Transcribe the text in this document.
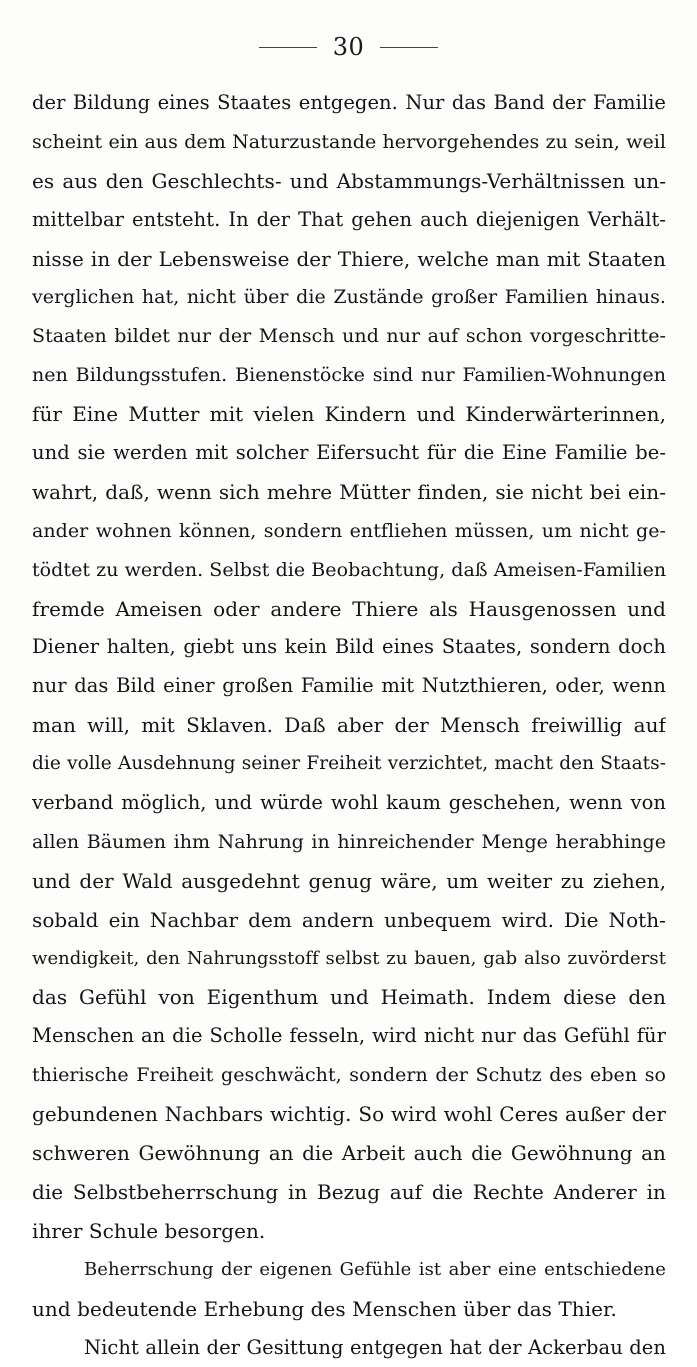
30
der Bildung eines Staates entgegen. Nur das Band der Familie
scheint ein aus dem Naturzustande hervorgehendes zu sein, weil
es aus den Geschlechts- und Abstammungs-Verhältnissen un-
mittelbar entsteht. In der That gehen auch diejenigen Verhält-
nisse in der Lebensweise der Thiere, welche man mit Staaten
verglichen hat, nicht über die Zustände großer Familien hinaus.
Staaten bildet nur der Mensch und nur auf schon vorgeschritte-
nen Bildungsstufen. Bienenstöcke sind nur Familien-Wohnungen
für Eine Mutter mit vielen Kindern und Kinderwärterinnen,
und sie werden mit solcher Eifersucht für die Eine Familie be-
wahrt, daß, wenn sich mehre Mütter finden, sie nicht bei ein-
ander wohnen können, sondern entfliehen müssen, um nicht ge-
tödtet zu werden. Selbst die Beobachtung, daß Ameisen-Familien
fremde Ameisen oder andere Thiere als Hausgenossen und
Diener halten, giebt uns kein Bild eines Staates, sondern doch
nur das Bild einer großen Familie mit Nutzthieren, oder, wenn
man will, mit Sklaven. Daß aber der Mensch freiwillig auf
die volle Ausdehnung seiner Freiheit verzichtet, macht den Staats-
verband möglich, und würde wohl kaum geschehen, wenn von
allen Bäumen ihm Nahrung in hinreichender Menge herabhinge
und der Wald ausgedehnt genug wäre, um weiter zu ziehen,
sobald ein Nachbar dem andern unbequem wird. Die Noth-
wendigkeit, den Nahrungsstoff selbst zu bauen, gab also zuvörderst
das Gefühl von Eigenthum und Heimath. Indem diese den
Menschen an die Scholle fesseln, wird nicht nur das Gefühl für
thierische Freiheit geschwächt, sondern der Schutz des eben so
gebundenen Nachbars wichtig. So wird wohl Ceres außer der
schweren Gewöhnung an die Arbeit auch die Gewöhnung an
die Selbstbeherrschung in Bezug auf die Rechte Anderer in
ihrer Schule besorgen.
Beherrschung der eigenen Gefühle ist aber eine entschiedene
und bedeutende Erhebung des Menschen über das Thier.
Nicht allein der Gesittung entgegen hat der Ackerbau den
